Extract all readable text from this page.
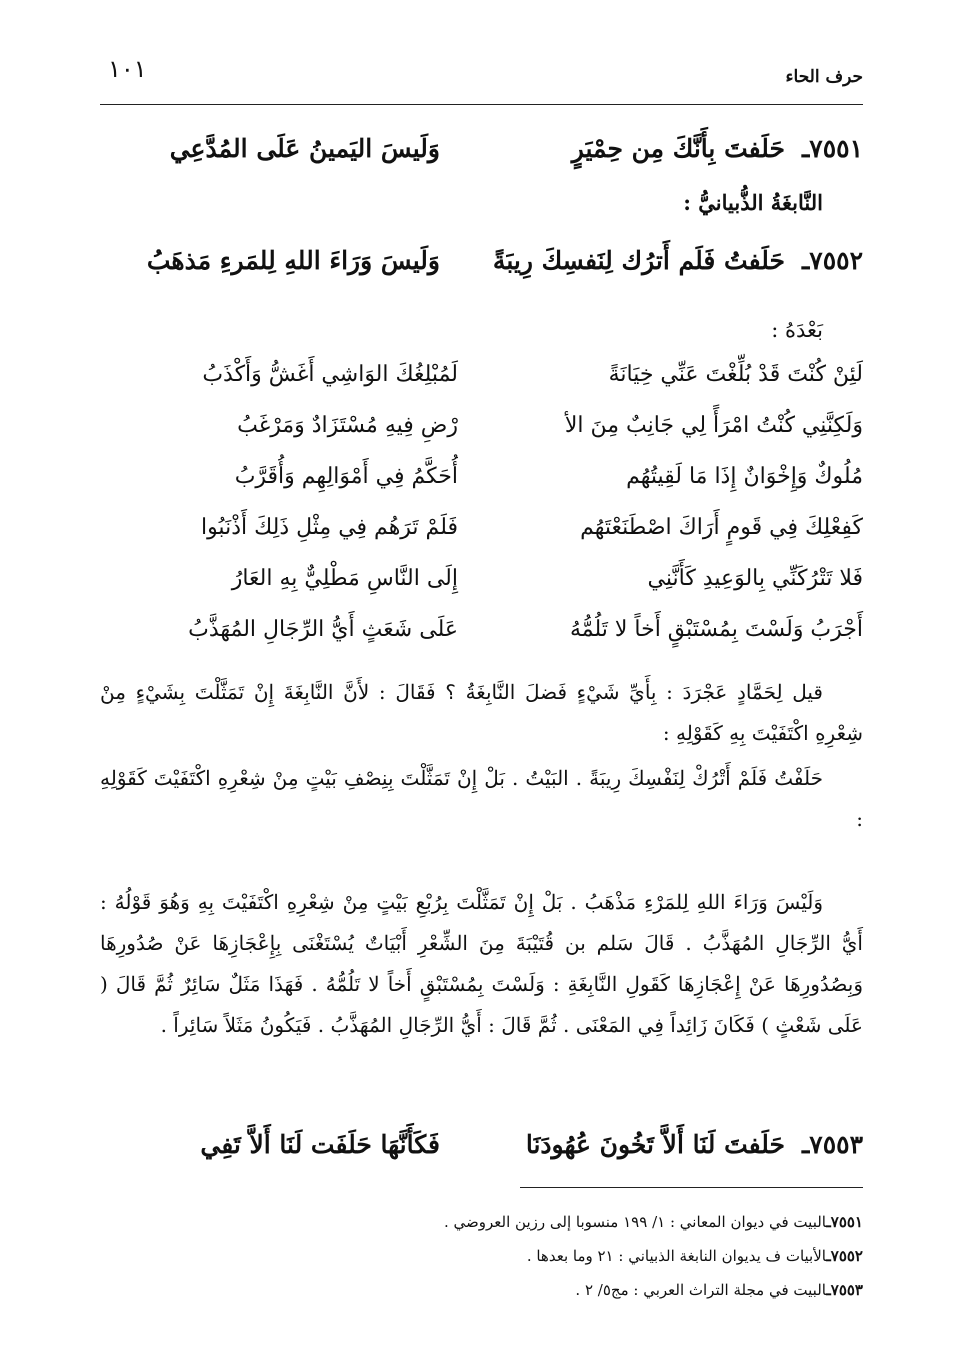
حرف الحاء
١٠١
٧٥٥١ـ
حَلَفتَ بِأَنَّكَ مِن حِمْيَرٍ
وَلَيسَ اليَمينُ عَلَى المُدَّعِي
النَّابغَةُ الذُّبيانيُّ :
٧٥٥٢ـ
حَلَفتُ فَلَم أَترُك لِنَفسِكَ رِيبَةً
وَلَيسَ وَرَاءَ اللهِ لِلمَرءِ مَذهَبُ
بَعْدَهُ :
لَئِنْ كُنْتَ قَدْ بُلِّغْتَ عَنِّي خِيَانَةً
لَمُبْلِغُكَ الوَاشِي أَغَشُّ وَأَكْذَبُ
وَلَكِنَّنِي كُنْتُ امْرَأً لِي جَانِبٌ مِنَ الأ
رْضِ فِيهِ مُسْتَزَادٌ وَمَرْغَبُ
مُلُوكٌ وَإِخْوَانٌ إِذَا مَا لَقِيتُهُم
أُحَكَّمُ فِي أَمْوَالِهِم وَأُقَرَّبُ
كَفِعْلِكَ فِي قَومٍ أَرَاكَ اصْطَنَعْتَهُم
فَلَمْ تَرَهُم فِي مِثْلِ ذَلِكَ أَذْنَبُوا
فَلا تَتْرُكَنِّي بِالوَعِيدِ كَأَنَّنِي
إِلَى النَّاسِ مَطْلِيٌّ بِهِ العَارُ
أَجْرَبُ وَلَسْتَ بِمُسْتَبْقٍ أَخاً لا تَلُمُّهُ
عَلَى شَعَثٍ أَيُّ الرِّجَالِ المُهَذَّبُ
قيل لِحَمَّادٍ عَجْرَدَ : بِأَيِّ شَيْءٍ فَضلَ النَّابِغَةُ ؟ فَقَالَ : لأَنَّ النَّابِغَةَ إِنْ تَمَثَّلْتَ بِشَيْءٍ مِنْ شِعْرِهِ اكْتَفَيْتَ بِهِ كَقَوْلِهِ :
حَلَفْتُ فَلَمْ أَتْرُكْ لِنَفْسِكَ رِيبَةً . البَيْتُ . بَلْ إِنْ تَمَثَّلْتَ بِنِصْفِ بَيْتٍ مِنْ شِعْرِهِ اكْتَفَيْتَ كَقَوْلِهِ :
وَلَيْسَ وَرَاءَ اللهِ لِلمَرْءِ مَذْهَبُ . بَلْ إِنْ تَمَثَّلْتَ بِرُبْعِ بَيْتٍ مِنْ شِعْرِهِ اكْتَفَيْتَ بِهِ وَهُوَ قَوْلُهُ : أَيُّ الرِّجَالِ المُهَذَّبُ . قَالَ سَلم بن قُتَيْبَةَ مِنَ الشِّعْرِ أَبْيَاتٌ يُسْتَغْنَى بِإِعْجَازِهَا عَنْ صُدُورِهَا وَبِصُدُورِهَا عَنْ إِعْجَازِهَا كَقَولِ النَّابِغَةِ : وَلَسْتَ بِمُسْتَبْقٍ أَخاً لا تَلُمُّهُ . فَهَذَا مَثَلٌ سَائِرٌ ثُمَّ قَالَ ( عَلَى شَعْثٍ ) فَكَانَ زَائِداً فِي المَعْنَى . ثُمَّ قَالَ : أَيُّ الرِّجَالِ المُهَذَّبُ . فَيَكُونُ مَثَلاً سَائِراً .
٧٥٥٣ـ
حَلَفتَ لَنَا أَلاَّ تَخُونَ عُهُودَنَا
فَكَأَنَّهَا حَلَفَت لَنَا أَلاَّ تَفِي
٧٥٥١ـالبيت في ديوان المعاني : ١/ ١٩٩ منسوبا إلى رزين العروضي .
٧٥٥٢ـالأبيات ف يديوان النابغة الذبياني : ٢١ وما بعدها .
٧٥٥٣ـالبيت في مجلة التراث العربي : مج٥/ ٢ .
